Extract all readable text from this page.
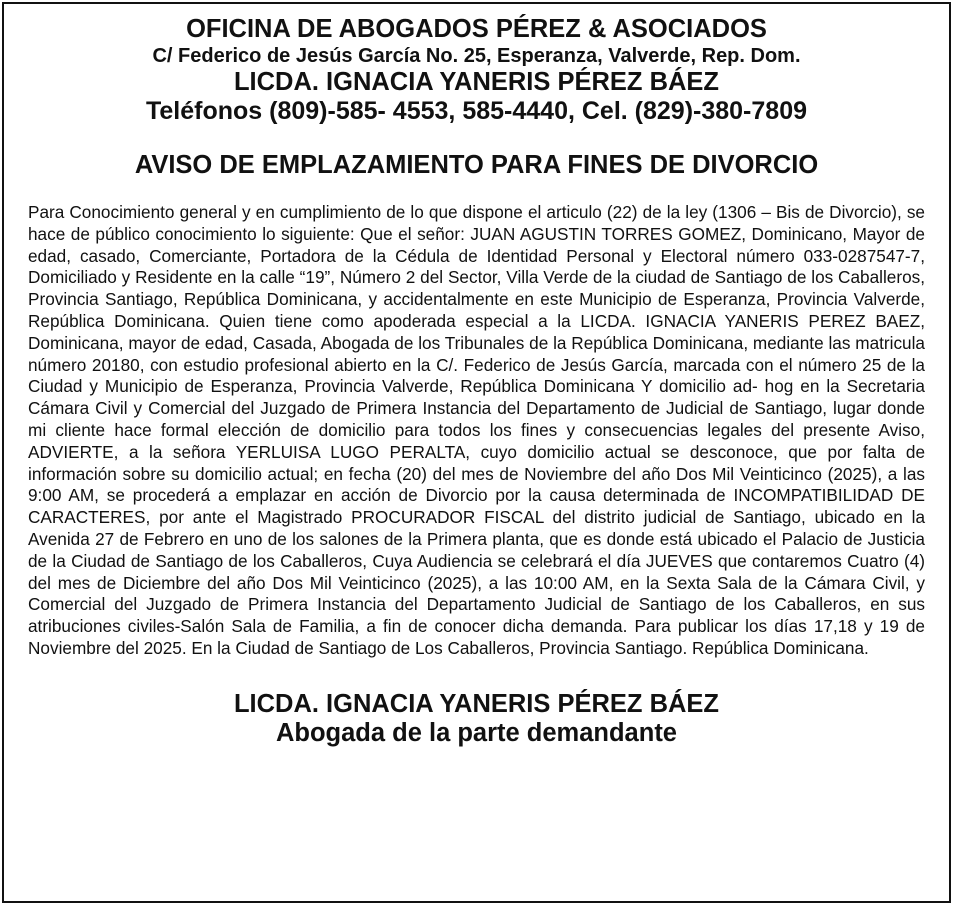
OFICINA DE ABOGADOS PÉREZ & ASOCIADOS
C/ Federico de Jesús García No. 25, Esperanza, Valverde, Rep. Dom.
LICDA. IGNACIA YANERIS PÉREZ BÁEZ
Teléfonos (809)-585- 4553, 585-4440, Cel. (829)-380-7809
AVISO DE EMPLAZAMIENTO PARA FINES DE DIVORCIO
Para Conocimiento general y en cumplimiento de lo que dispone el articulo (22) de la ley (1306 – Bis de Divorcio), se hace de público conocimiento lo siguiente: Que el señor: JUAN AGUSTIN TORRES GOMEZ, Dominicano, Mayor de edad, casado, Comerciante, Portadora de la Cédula de Identidad Personal y Electoral número 033-0287547-7, Domiciliado y Residente en la calle “19”, Número 2 del Sector, Villa Verde de la ciudad de Santiago de los Caballeros, Provincia Santiago, República Dominicana, y accidentalmente en este Municipio de Esperanza, Provincia Valverde, República Dominicana. Quien tiene como apoderada especial a la LICDA. IGNACIA YANERIS PEREZ BAEZ, Dominicana, mayor de edad, Casada, Abogada de los Tribunales de la República Dominicana, mediante las matricula número 20180, con estudio profesional abierto en la C/. Federico de Jesús García, marcada con el número 25 de la Ciudad y Municipio de Esperanza, Provincia Valverde, República Dominicana Y domicilio ad- hog en la Secretaria Cámara Civil y Comercial del Juzgado de Primera Instancia del Departamento de Judicial de Santiago, lugar donde mi cliente hace formal elección de domicilio para todos los fines y consecuencias legales del presente Aviso, ADVIERTE, a la señora YERLUISA LUGO PERALTA, cuyo domicilio actual se desconoce, que por falta de información sobre su domicilio actual; en fecha (20) del mes de Noviembre del año Dos Mil Veinticinco (2025), a las 9:00 AM, se procederá a emplazar en acción de Divorcio por la causa determinada de INCOMPATIBILIDAD DE CARACTERES, por ante el Magistrado PROCURADOR FISCAL del distrito judicial de Santiago, ubicado en la Avenida 27 de Febrero en uno de los salones de la Primera planta, que es donde está ubicado el Palacio de Justicia de la Ciudad de Santiago de los Caballeros, Cuya Audiencia se celebrará el día JUEVES que contaremos Cuatro (4) del mes de Diciembre del año Dos Mil Veinticinco (2025), a las 10:00 AM, en la Sexta Sala de la Cámara Civil, y Comercial del Juzgado de Primera Instancia del Departamento Judicial de Santiago de los Caballeros, en sus atribuciones civiles-Salón Sala de Familia, a fin de conocer dicha demanda. Para publicar los días 17,18 y 19 de Noviembre del 2025. En la Ciudad de Santiago de Los Caballeros, Provincia Santiago. República Dominicana.
LICDA. IGNACIA YANERIS PÉREZ BÁEZ
Abogada de la parte demandante
